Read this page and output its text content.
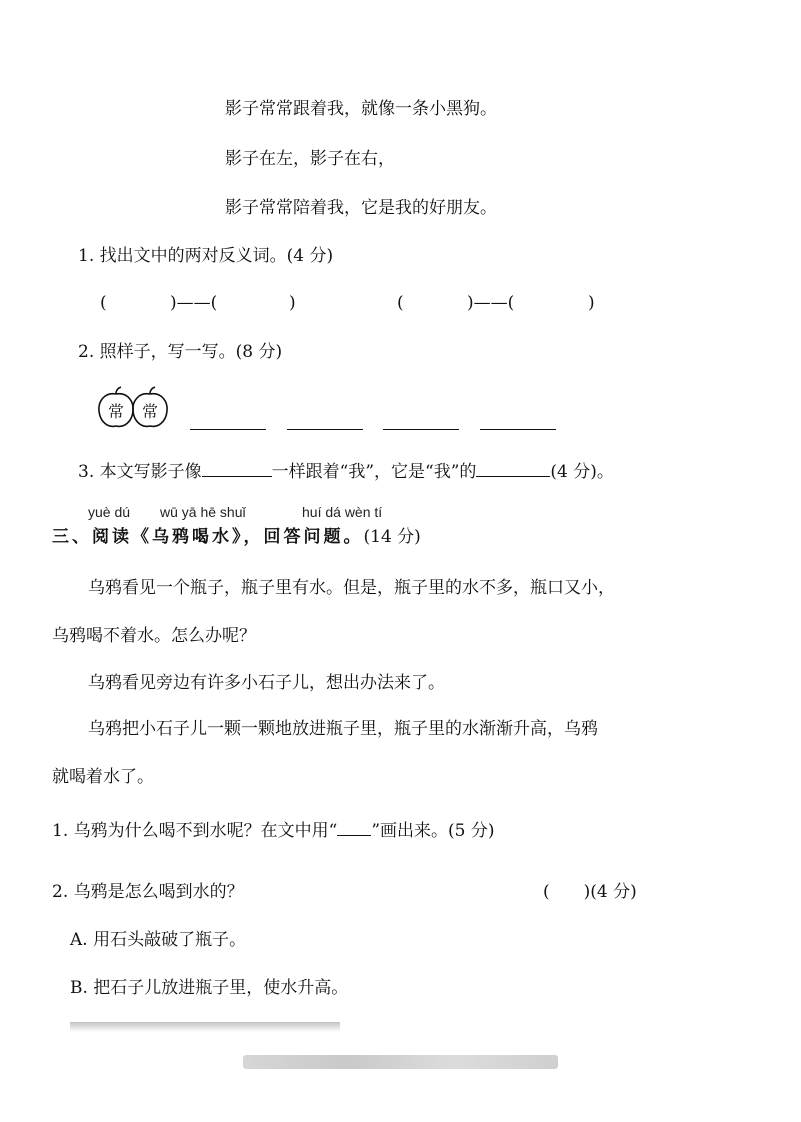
影子常常跟着我，就像一条小黑狗。
影子在左，影子在右，
影子常常陪着我，它是我的好朋友。
1. 找出文中的两对反义词。(4 分)
(	)——(	)	(	)——(	)
2. 照样子，写一写。(8 分)
常 常
3. 本文写影子像	一样跟着“我”，它是“我”的	(4 分)。
yuè dú wū yā hē shuǐ	huí dá wèn tí
三、阅读《乌鸦喝水》，回答问题。(14 分)
乌鸦看见一个瓶子，瓶子里有水。但是，瓶子里的水不多，瓶口又小，
乌鸦喝不着水。怎么办呢？
乌鸦看见旁边有许多小石子儿，想出办法来了。
乌鸦把小石子儿一颗一颗地放进瓶子里，瓶子里的水渐渐升高，乌鸦
就喝着水了。
1. 乌鸦为什么喝不到水呢？在文中用“ ”画出来。(5 分)
2. 乌鸦是怎么喝到水的？	(　　)(4 分)
A. 用石头敲破了瓶子。
B. 把石子儿放进瓶子里，使水升高。
